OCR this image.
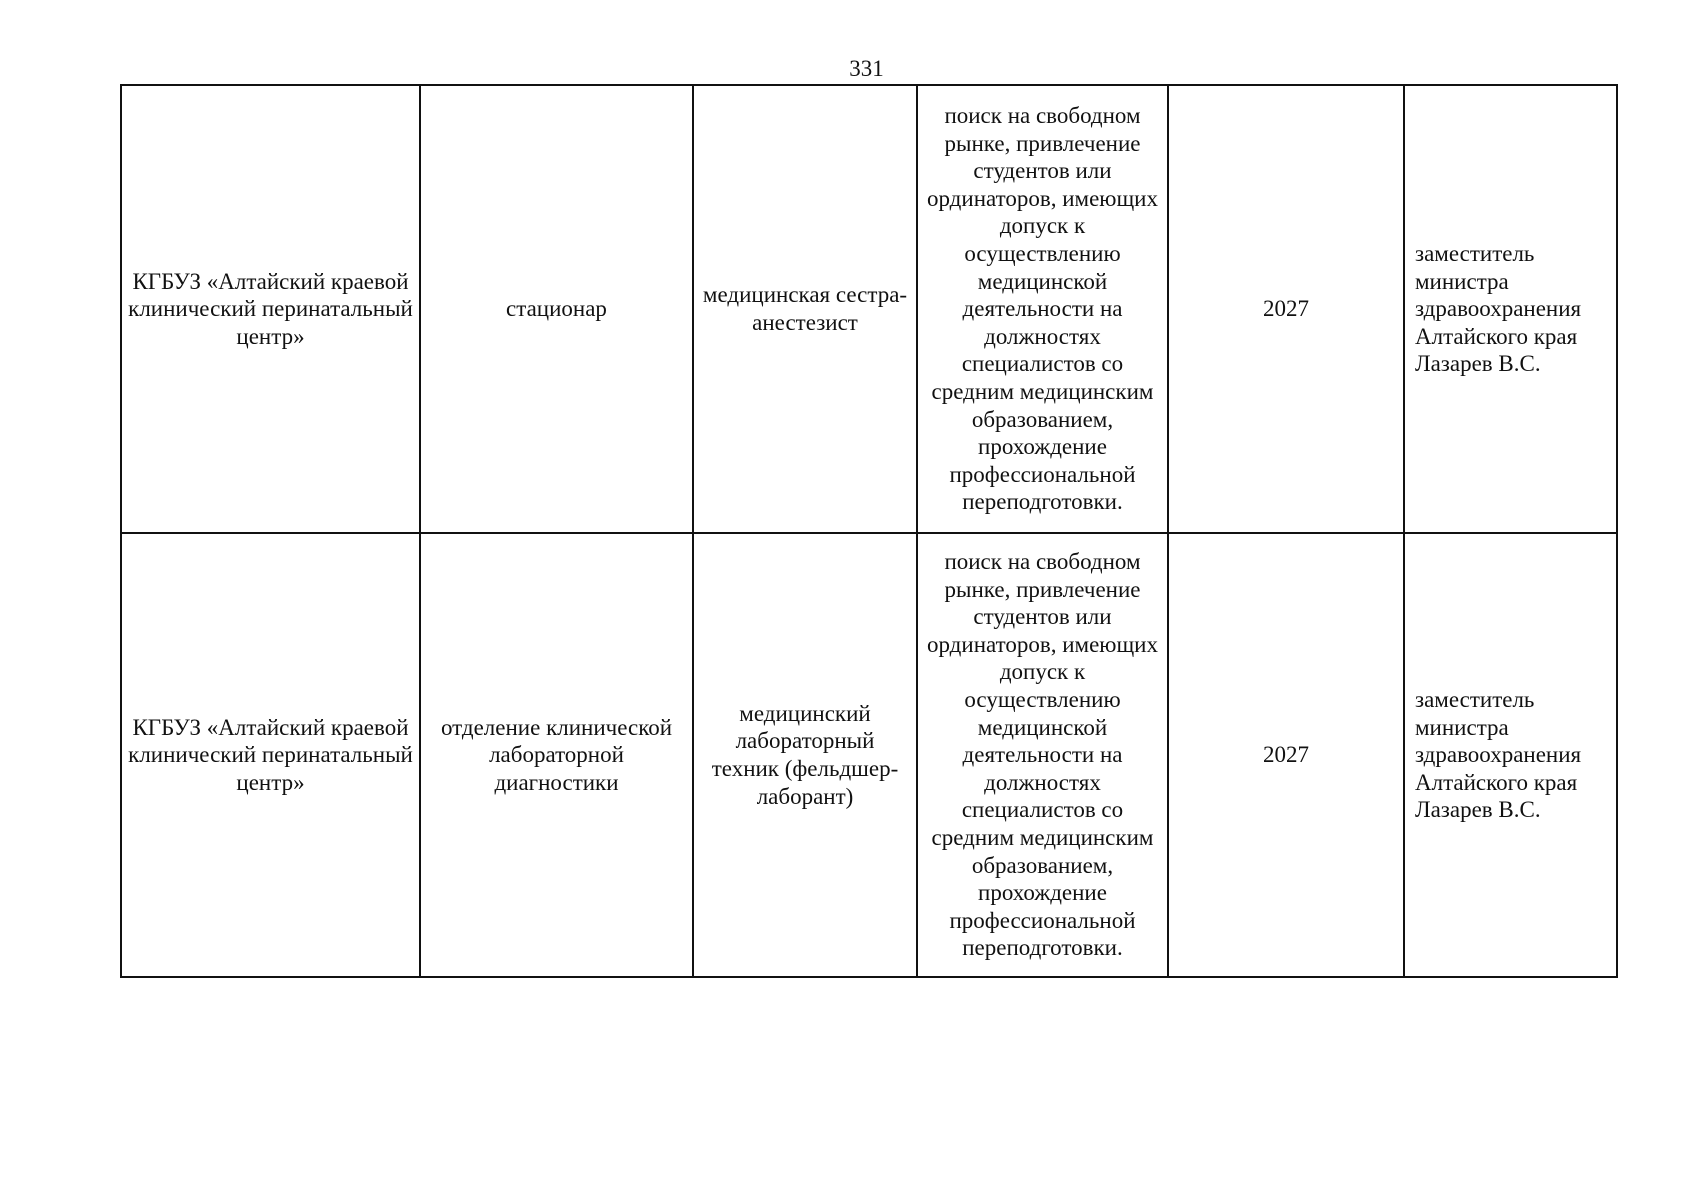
331
КГБУЗ «Алтайский краевой клинический перинатальный центр»	стационар	медицинская сестра-анестезист	поиск на свободном рынке, привлечение студентов или ординаторов, имеющих допуск к осуществлению медицинской деятельности на должностях специалистов со средним медицинским образованием, прохождение профессиональной переподготовки.	2027	заместитель министра здравоохранения Алтайского края Лазарев В.С.

КГБУЗ «Алтайский краевой клинический перинатальный центр»	отделение клинической лабораторной диагностики	медицинский лабораторный техник (фельдшер-лаборант)	поиск на свободном рынке, привлечение студентов или ординаторов, имеющих допуск к осуществлению медицинской деятельности на должностях специалистов со средним медицинским образованием, прохождение профессиональной переподготовки.	2027	заместитель министра здравоохранения Алтайского края Лазарев В.С.
